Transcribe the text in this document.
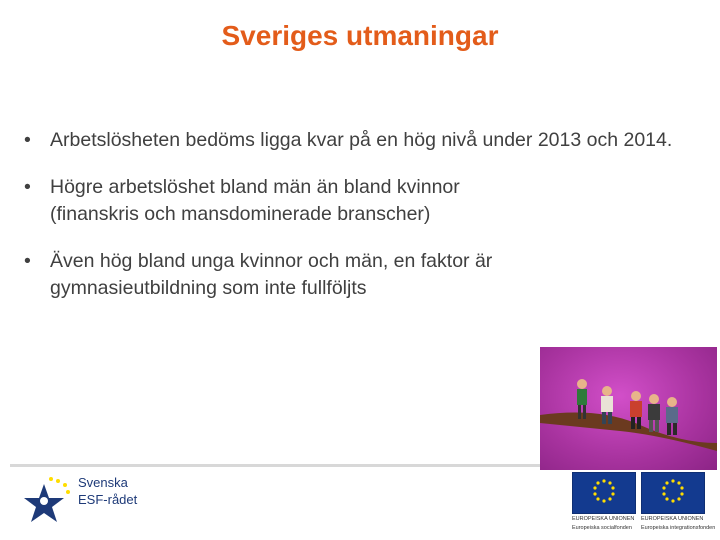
Sveriges utmaningar
• Arbetslösheten bedöms ligga kvar på en hög nivå under 2013 och 2014.
• Högre arbetslöshet bland män än bland kvinnor (finanskris och mansdominerade branscher)
• Även hög bland unga kvinnor och män, en faktor är gymnasieutbildning som inte fullföljts
Svenska
ESF-rådet
EUROPEISKA UNIONEN
Europeiska socialfonden
EUROPEISKA UNIONEN
Europeiska integrationsfonden
